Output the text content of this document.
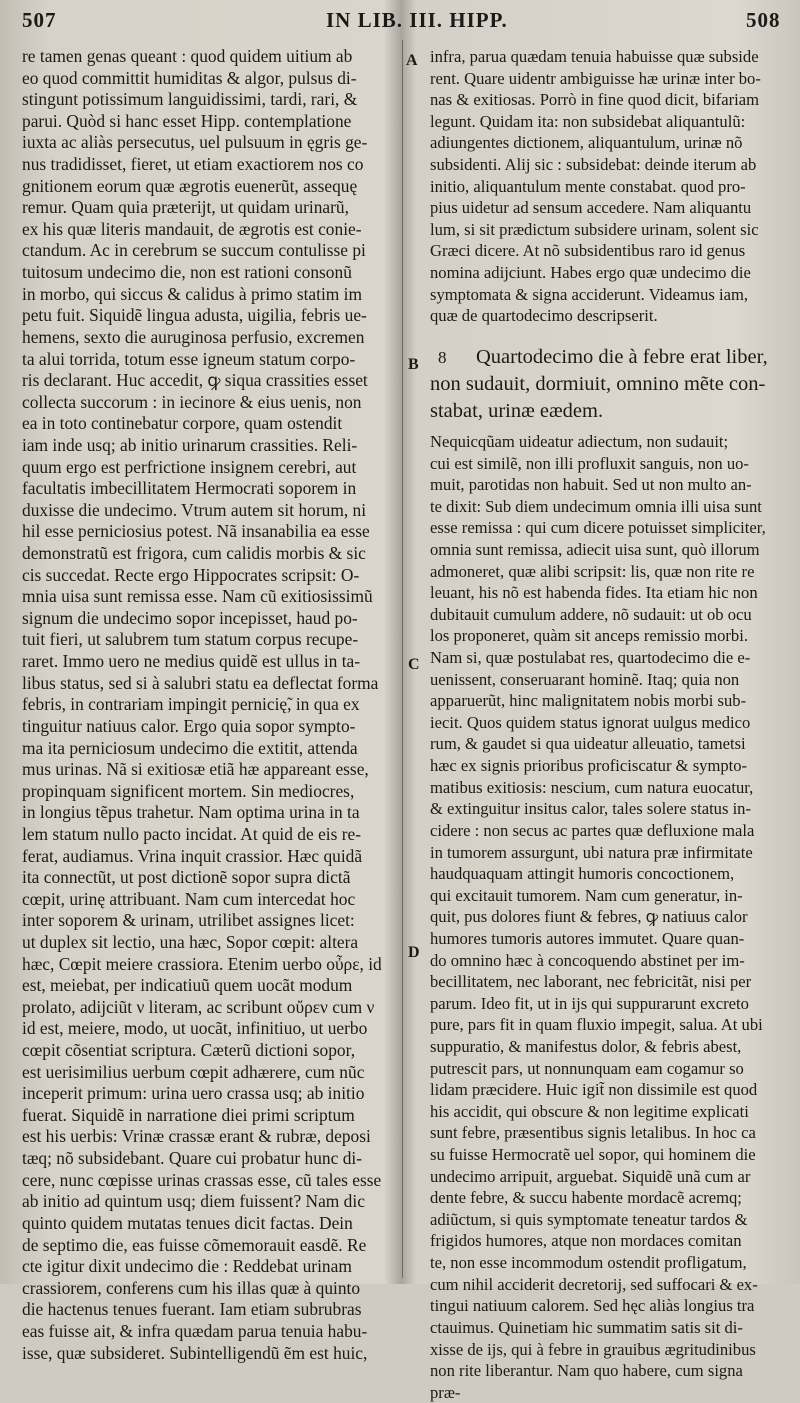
507	IN LIB. III. HIPP.	508
A
B
C
D
re tamen genas queant : quod quidem uitium ab
eo quod committit humiditas & algor, pulsus di-
stingunt potissimum languidissimi, tardi, rari, &
parui. Quòd si hanc esset Hipp. contemplatione
iuxta ac aliàs persecutus, uel pulsuum in ęgris ge-
nus tradidisset, fieret, ut etiam exactiorem nos co
gnitionem eorum quæ ægrotis euenerũt, assequę
remur. Quam quia præterijt, ut quidam urinarũ,
ex his quæ literis mandauit, de ægrotis est conie-
ctandum. Ac in cerebrum se succum contulisse pi
tuitosum undecimo die, non est rationi consonũ
in morbo, qui siccus & calidus à primo statim im
petu fuit. Siquidẽ lingua adusta, uigilia, febris ue-
hemens, sexto die auruginosa perfusio, excremen
ta alui torrida, totum esse igneum statum corpo-
ris declarant. Huc accedit, ꝙ siqua crassities esset
collecta succorum : in iecinore & eius uenis, non
ea in toto continebatur corpore, quam ostendit
iam inde usq; ab initio urinarum crassities. Reli-
quum ergo est perfrictione insignem cerebri, aut
facultatis imbecillitatem Hermocrati soporem in
duxisse die undecimo. Vtrum autem sit horum, ni
hil esse perniciosius potest. Nã insanabilia ea esse
demonstratũ est frigora, cum calidis morbis & sic
cis succedat. Recte ergo Hippocrates scripsit: O-
mnia uisa sunt remissa esse. Nam cũ exitiosissimũ
signum die undecimo sopor incepisset, haud po-
tuit fieri, ut salubrem tum statum corpus recupe-
raret. Immo uero ne medius quidẽ est ullus in ta-
libus status, sed si à salubri statu ea deflectat forma
febris, in contrariam impingit pernicię̃, in qua ex
tinguitur natiuus calor. Ergo quia sopor sympto-
ma ita perniciosum undecimo die extitit, attenda
mus urinas. Nã si exitiosæ etiã hæ appareant esse,
propinquam significent mortem. Sin mediocres,
in longius tẽpus trahetur. Nam optima urina in ta
lem statum nullo pacto incidat. At quid de eis re-
ferat, audiamus. Vrina inquit crassior. Hæc quidã
ita connectũt, ut post dictionẽ sopor supra dictã
cœpit, urinę attribuant. Nam cum intercedat hoc
inter soporem & urinam, utrilibet assignes licet:
ut duplex sit lectio, una hæc, Sopor cœpit: altera
hæc, Cœpit meiere crassiora. Etenim uerbo οὖρε, id
est, meiebat, per indicatiuũ quem uocãt modum
prolato, adijciũt ν literam, ac scribunt οὔρεν cum ν
id est, meiere, modo, ut uocãt, infinitiuo, ut uerbo
cœpit cõsentiat scriptura. Cæterũ dictioni sopor,
est uerisimilius uerbum cœpit adhærere, cum nũc
inceperit primum: urina uero crassa usq; ab initio
fuerat. Siquidẽ in narratione diei primi scriptum
est his uerbis: Vrinæ crassæ erant & rubræ, deposi
tæq; nõ subsidebant. Quare cui probatur hunc di-
cere, nunc cœpisse urinas crassas esse, cũ tales esse
ab initio ad quintum usq; diem fuissent? Nam dic
quinto quidem mutatas tenues dicit factas. Dein
de septimo die, eas fuisse cõmemorauit easdẽ. Re
cte igitur dixit undecimo die : Reddebat urinam
crassiorem, conferens cum his illas quæ à quinto
die hactenus tenues fuerant. Iam etiam subrubras
eas fuisse ait, & infra quædam parua tenuia habu-
isse, quæ subsideret. Subintelligendũ ẽm est huic,
infra, parua quædam tenuia habuisse quæ subside
rent. Quare uidentr ambiguisse hæ urinæ inter bo-
nas & exitiosas. Porrò in fine quod dicit, bifariam
legunt. Quidam ita: non subsidebat aliquantulũ:
adiungentes dictionem, aliquantulum, urinæ nõ
subsidenti. Alij sic : subsidebat: deinde iterum ab
initio, aliquantulum mente constabat. quod pro-
pius uidetur ad sensum accedere. Nam aliquantu
lum, si sit prædictum subsidere urinam, solent sic
Græci dicere. At nõ subsidentibus raro id genus
nomina adijciunt. Habes ergo quæ undecimo die
symptomata & signa acciderunt. Videamus iam,
quæ de quartodecimo descripserit.
8 Quartodecimo die à febre erat liber,
non sudauit, dormiuit, omnino mẽte con-
stabat, urinæ eædem.
Nequicqũam uideatur adiectum, non sudauit;
cui est similẽ, non illi profluxit sanguis, non uo-
muit, parotidas non habuit. Sed ut non multo an-
te dixit: Sub diem undecimum omnia illi uisa sunt
esse remissa : qui cum dicere potuisset simpliciter,
omnia sunt remissa, adiecit uisa sunt, quò illorum
admoneret, quæ alibi scripsit: lis, quæ non rite re
leuant, his nõ est habenda fides. Ita etiam hic non
dubitauit cumulum addere, nõ sudauit: ut ob ocu
los proponeret, quàm sit anceps remissio morbi.
Nam si, quæ postulabat res, quartodecimo die e-
uenissent, conseruarant hominẽ. Itaq; quia non
apparuerũt, hinc malignitatem nobis morbi sub-
iecit. Quos quidem status ignorat uulgus medico
rum, & gaudet si qua uideatur alleuatio, tametsi
hæc ex signis prioribus proficiscatur & sympto-
matibus exitiosis: nescium, cum natura euocatur,
& extinguitur insitus calor, tales solere status in-
cidere : non secus ac partes quæ defluxione mala
in tumorem assurgunt, ubi natura præ infirmitate
haudquaquam attingit humoris concoctionem,
qui excitauit tumorem. Nam cum generatur, in-
quit, pus dolores fiunt & febres, ꝙ natiuus calor
humores tumoris autores immutet. Quare quan-
do omnino hæc à concoquendo abstinet per im-
becillitatem, nec laborant, nec febricitãt, nisi per
parum. Ideo fit, ut in ijs qui suppurarunt excreto
pure, pars fit in quam fluxio impegit, salua. At ubi
suppuratio, & manifestus dolor, & febris abest,
putrescit pars, ut nonnunquam eam cogamur so
lidam præcidere. Huic igit̃ non dissimile est quod
his accidit, qui obscure & non legitime explicati
sunt febre, præsentibus signis letalibus. In hoc ca
su fuisse Hermocratẽ uel sopor, qui hominem die
undecimo arripuit, arguebat. Siquidẽ unã cum ar
dente febre, & succu habente mordacẽ acremq;
adiũctum, si quis symptomate teneatur tardos &
frigidos humores, atque non mordaces comitan
te, non esse incommodum ostendit profligatum,
cum nihil acciderit decretorij, sed suffocari & ex-
tingui natiuum calorem. Sed hęc aliàs longius tra
ctauimus. Quinetiam hic summatim satis sit di-
xisse de ijs, qui à febre in grauibus ægritudinibus
non rite liberantur. Nam quo habere, cum signa
præ-
